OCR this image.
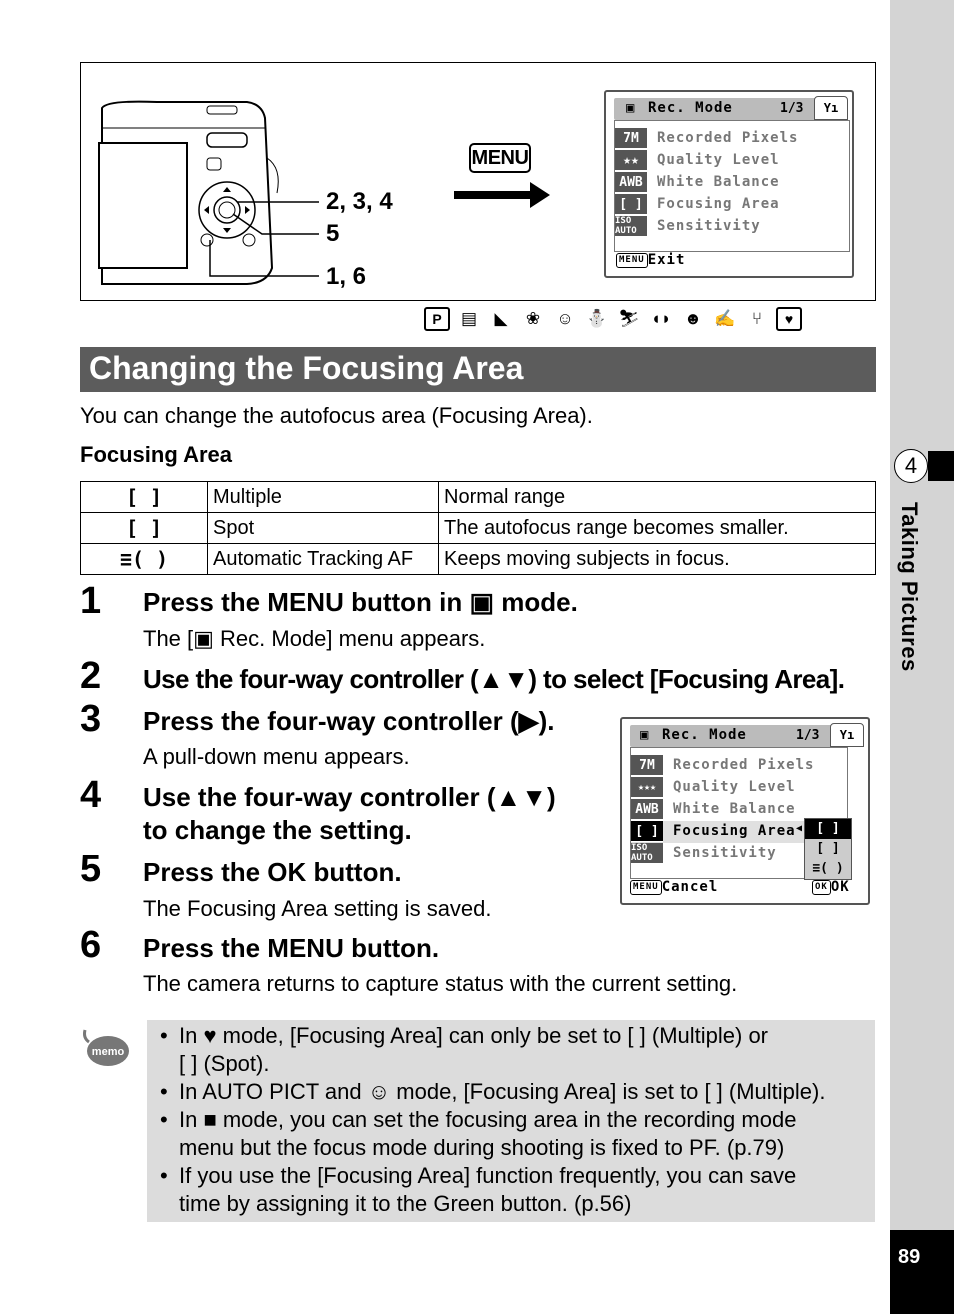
4
Taking Pictures
89
2, 3, 4
5
1, 6
MENU
▣ Rec. Mode	1/3	Yı
7M	Recorded Pixels
★★	Quality Level
AWB	White Balance
[ ]	Focusing Area
ISO AUTO	Sensitivity
MENU Exit
P	▤	◣	❀ ☺ ⛄ ⛷ ◖◗ ☻ ✍ ⑂	♥
Changing the Focusing Area
You can change the autofocus area (Focusing Area).
Focusing Area
[ ]	Multiple	Normal range
[ ]	Spot	The autofocus range becomes smaller.
≡( )	Automatic Tracking AF	Keeps moving subjects in focus.
1 Press the MENU button in ▣ mode.
The [▣ Rec. Mode] menu appears.
2 Use the four-way controller (▲▼) to select [Focusing Area].
3 Press the four-way controller (▶).
A pull-down menu appears.
4 Use the four-way controller (▲▼)
to change the setting.
5 Press the OK button.
The Focusing Area setting is saved.
6 Press the MENU button.
The camera returns to capture status with the current setting.
▣ Rec. Mode	1/3	Yı
7M	Recorded Pixels
★★★	Quality Level
AWB	White Balance
[ ]	Focusing Area
ISO AUTO	Sensitivity
◀	[ ]
[ ]
≡( )
MENU Cancel	OK OK
memo
• In ♥ mode, [Focusing Area] can only be set to [ ] (Multiple) or
[ ] (Spot).
• In AUTO PICT and ☺ mode, [Focusing Area] is set to [ ] (Multiple).
• In ■ mode, you can set the focusing area in the recording mode
menu but the focus mode during shooting is fixed to PF. (p.79)
• If you use the [Focusing Area] function frequently, you can save
time by assigning it to the Green button. (p.56)
